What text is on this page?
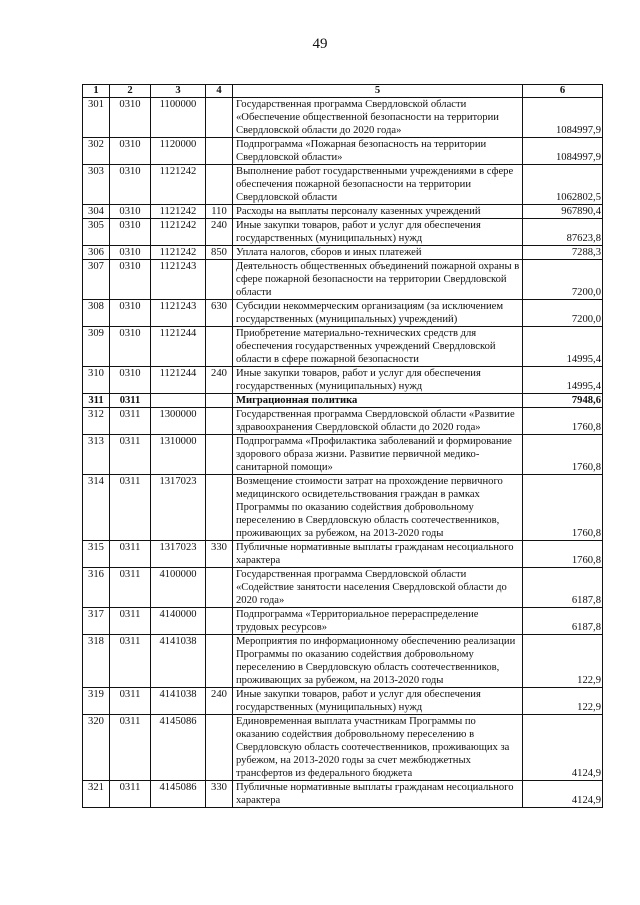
49
1	2	3	4	5	6
301	0310	1100000		Государственная программа Свердловской области «Обеспечение общественной безопасности на территории Свердловской области до 2020 года»	1084997,9
302	0310	1120000		Подпрограмма «Пожарная безопасность на территории Свердловской области»	1084997,9
303	0310	1121242		Выполнение работ государственными учреждениями в сфере обеспечения пожарной безопасности на территории Свердловской области	1062802,5
304	0310	1121242	110	Расходы на выплаты персоналу казенных учреждений	967890,4
305	0310	1121242	240	Иные закупки товаров, работ и услуг для обеспечения государственных (муниципальных) нужд	87623,8
306	0310	1121242	850	Уплата налогов, сборов и иных платежей	7288,3
307	0310	1121243		Деятельность общественных объединений пожарной охраны в сфере пожарной безопасности на территории Свердловской области	7200,0
308	0310	1121243	630	Субсидии некоммерческим организациям (за исключением государственных (муниципальных) учреждений)	7200,0
309	0310	1121244		Приобретение материально-технических средств для обеспечения государственных учреждений Свердловской области в сфере пожарной безопасности	14995,4
310	0310	1121244	240	Иные закупки товаров, работ и услуг для обеспечения государственных (муниципальных) нужд	14995,4
311	0311			Миграционная политика	7948,6
312	0311	1300000		Государственная программа Свердловской области «Развитие здравоохранения Свердловской области до 2020 года»	1760,8
313	0311	1310000		Подпрограмма «Профилактика заболеваний и формирование здорового образа жизни. Развитие первичной медико-санитарной помощи»	1760,8
314	0311	1317023		Возмещение стоимости затрат на прохождение первичного медицинского освидетельствования граждан в рамках Программы по оказанию содействия добровольному переселению в Свердловскую область соотечественников, проживающих за рубежом, на 2013-2020 годы	1760,8
315	0311	1317023	330	Публичные нормативные выплаты гражданам несоциального характера	1760,8
316	0311	4100000		Государственная программа Свердловской области «Содействие занятости населения Свердловской области до 2020 года»	6187,8
317	0311	4140000		Подпрограмма «Территориальное перераспределение трудовых ресурсов»	6187,8
318	0311	4141038		Мероприятия по информационному обеспечению реализации Программы по оказанию содействия добровольному переселению в Свердловскую область соотечественников, проживающих за рубежом, на 2013-2020 годы	122,9
319	0311	4141038	240	Иные закупки товаров, работ и услуг для обеспечения государственных (муниципальных) нужд	122,9
320	0311	4145086		Единовременная выплата участникам Программы по оказанию содействия добровольному переселению в Свердловскую область соотечественников, проживающих за рубежом, на 2013-2020 годы за счет межбюджетных трансфертов из федерального бюджета	4124,9
321	0311	4145086	330	Публичные нормативные выплаты гражданам несоциального характера	4124,9
